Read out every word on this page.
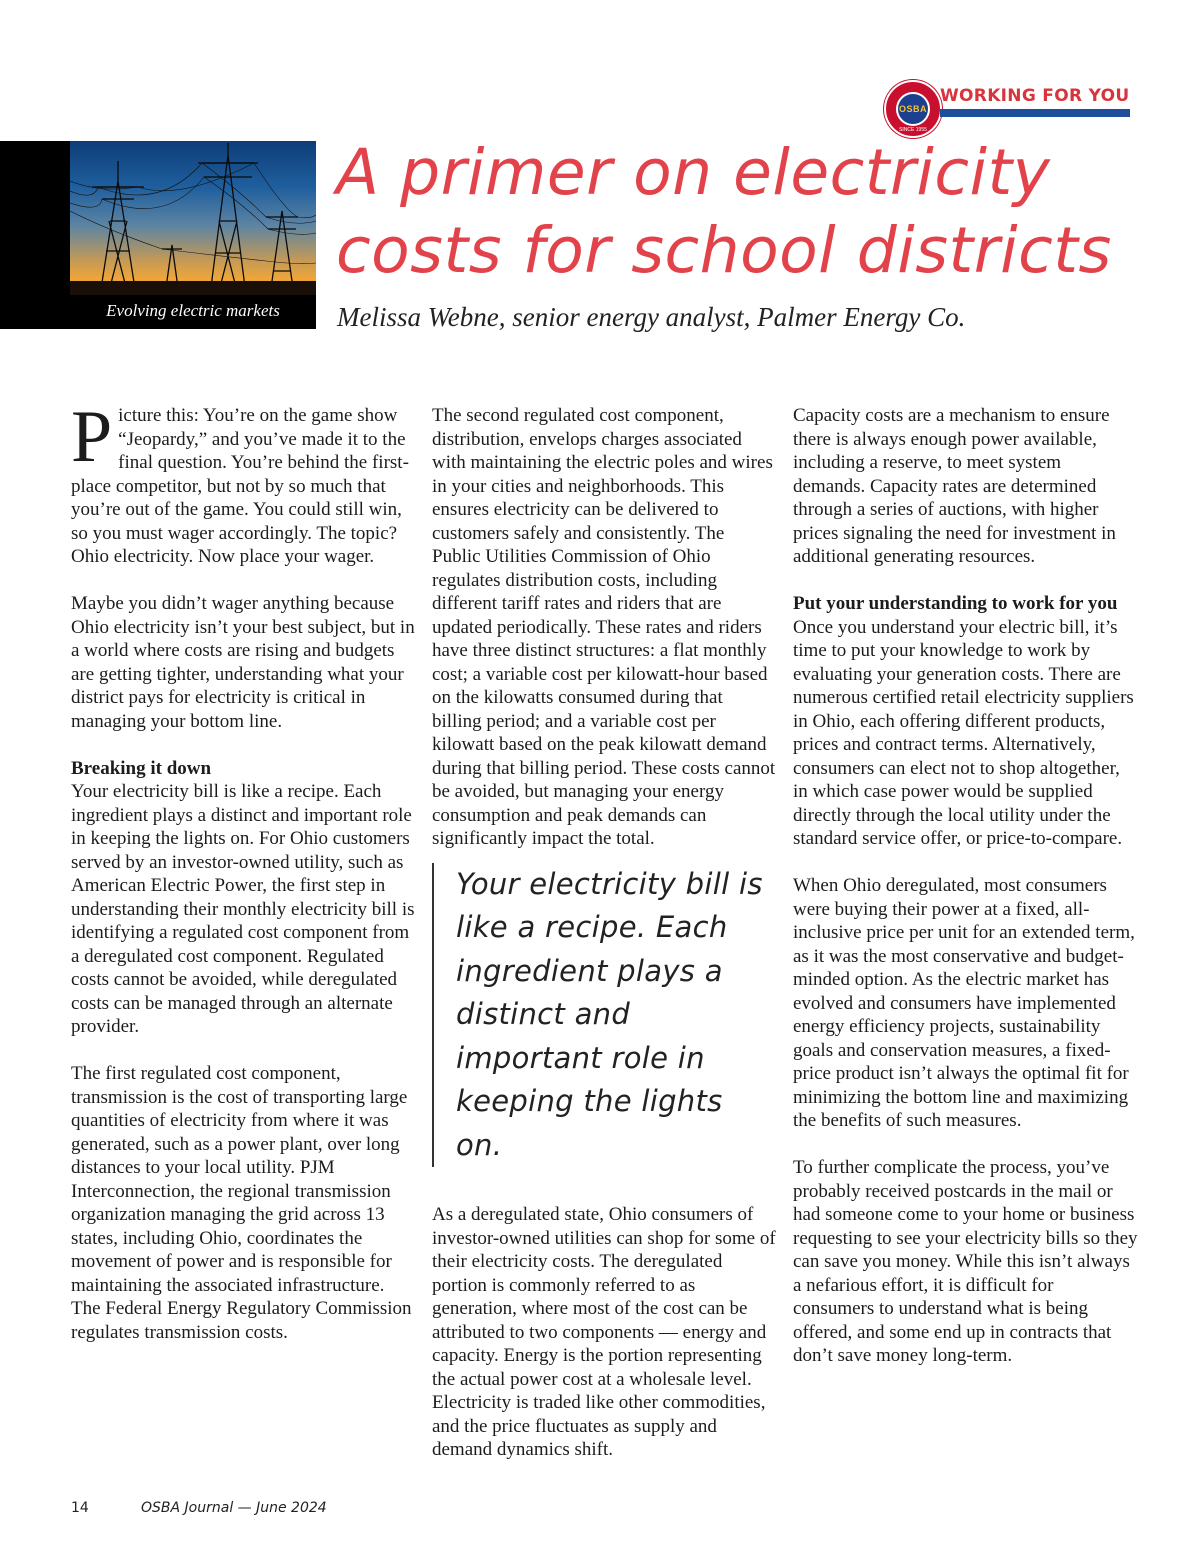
OSBA
SINCE 1955
WORKING FOR YOU
Evolving electric markets
A primer on electricity costs for school districts

Melissa Webne, senior energy analyst, Palmer Energy Co.

Picture this: You’re on the game show “Jeopardy,” and you’ve made it to the final question. You’re behind the first-place competitor, but not by so much that you’re out of the game. You could still win, so you must wager accordingly. The topic? Ohio electricity. Now place your wager.

Maybe you didn’t wager anything because Ohio electricity isn’t your best subject, but in a world where costs are rising and budgets are getting tighter, understanding what your district pays for electricity is critical in managing your bottom line.

Breaking it down

Your electricity bill is like a recipe. Each ingredient plays a distinct and important role in keeping the lights on. For Ohio customers served by an investor-owned utility, such as American Electric Power, the first step in understanding their monthly electricity bill is identifying a regulated cost component from a deregulated cost component. Regulated costs cannot be avoided, while deregulated costs can be managed through an alternate provider.

The first regulated cost component, transmission is the cost of transporting large quantities of electricity from where it was generated, such as a power plant, over long distances to your local utility. PJM Interconnection, the regional transmission organization managing the grid across 13 states, including Ohio, coordinates the movement of power and is responsible for maintaining the associated infrastructure. The Federal Energy Regulatory Commission regulates transmission costs.

The second regulated cost component, distribution, envelops charges associated with maintaining the electric poles and wires in your cities and neighborhoods. This ensures electricity can be delivered to customers safely and consistently. The Public Utilities Commission of Ohio regulates distribution costs, including different tariff rates and riders that are updated periodically. These rates and riders have three distinct structures: a flat monthly cost; a variable cost per kilowatt-hour based on the kilowatts consumed during that billing period; and a variable cost per kilowatt based on the peak kilowatt demand during that billing period. These costs cannot be avoided, but managing your energy consumption and peak demands can significantly impact the total.

Your electricity bill is like a recipe. Each ingredient plays a distinct and important role in keeping the lights on.

As a deregulated state, Ohio consumers of investor-owned utilities can shop for some of their electricity costs. The deregulated portion is commonly referred to as generation, where most of the cost can be attributed to two components — energy and capacity. Energy is the portion representing the actual power cost at a wholesale level. Electricity is traded like other commodities, and the price fluctuates as supply and demand dynamics shift.

Capacity costs are a mechanism to ensure there is always enough power available, including a reserve, to meet system demands. Capacity rates are determined through a series of auctions, with higher prices signaling the need for investment in additional generating resources.

Put your understanding to work for you

Once you understand your electric bill, it’s time to put your knowledge to work by evaluating your generation costs. There are numerous certified retail electricity suppliers in Ohio, each offering different products, prices and contract terms. Alternatively, consumers can elect not to shop altogether, in which case power would be supplied directly through the local utility under the standard service offer, or price-to-compare.

When Ohio deregulated, most consumers were buying their power at a fixed, all-inclusive price per unit for an extended term, as it was the most conservative and budget-minded option. As the electric market has evolved and consumers have implemented energy efficiency projects, sustainability goals and conservation measures, a fixed-price product isn’t always the optimal fit for minimizing the bottom line and maximizing the benefits of such measures.

To further complicate the process, you’ve probably received postcards in the mail or had someone come to your home or business requesting to see your electricity bills so they can save you money. While this isn’t always a nefarious effort, it is difficult for consumers to understand what is being offered, and some end up in contracts that don’t save money long-term.

14	OSBA Journal — June 2024
